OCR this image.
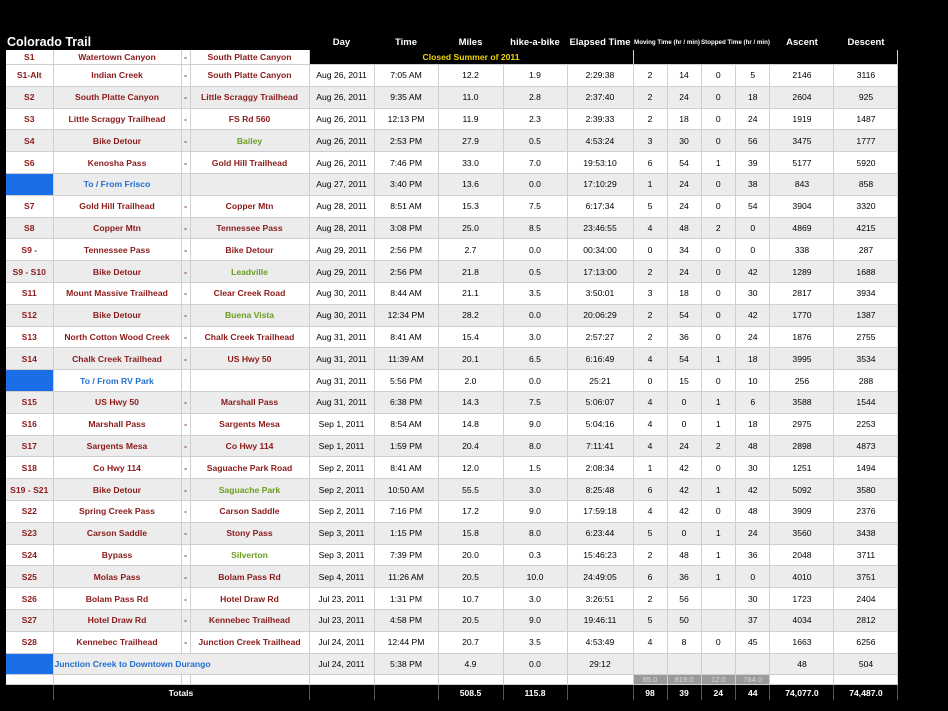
Colorado Trail				Day	Time	Miles	hike-a-bike	Elapsed Time	Moving Time (hr / min)		Stopped Time (hr / min)		Ascent	Descent
S1	Watertown Canyon	-	South Platte Canyon	Closed Summer of 2011										
S1-Alt	Indian Creek	-	South Platte Canyon	Aug 26, 2011	7:05 AM	12.2	1.9	2:29:38	2	14	0	5	2146	3116
S2	South Platte Canyon	-	Little Scraggy Trailhead	Aug 26, 2011	9:35 AM	11.0	2.8	2:37:40	2	24	0	18	2604	925
S3	Little Scraggy Trailhead	-	FS Rd 560	Aug 26, 2011	12:13 PM	11.9	2.3	2:39:33	2	18	0	24	1919	1487
S4	Bike Detour	-	Bailey	Aug 26, 2011	2:53 PM	27.9	0.5	4:53:24	3	30	0	56	3475	1777
S6	Kenosha Pass	-	Gold Hill Trailhead	Aug 26, 2011	7:46 PM	33.0	7.0	19:53:10	6	54	1	39	5177	5920
	To / From Frisco			Aug 27, 2011	3:40 PM	13.6	0.0	17:10:29	1	24	0	38	843	858
S7	Gold Hill Trailhead	-	Copper Mtn	Aug 28, 2011	8:51 AM	15.3	7.5	6:17:34	5	24	0	54	3904	3320
S8	Copper Mtn	-	Tennessee Pass	Aug 28, 2011	3:08 PM	25.0	8.5	23:46:55	4	48	2	0	4869	4215
S9 -	Tennessee Pass	-	Bike Detour	Aug 29, 2011	2:56 PM	2.7	0.0	00:34:00	0	34	0	0	338	287
S9 - S10	Bike Detour	-	Leadville	Aug 29, 2011	2:56 PM	21.8	0.5	17:13:00	2	24	0	42	1289	1688
S11	Mount Massive Trailhead	-	Clear Creek Road	Aug 30, 2011	8:44 AM	21.1	3.5	3:50:01	3	18	0	30	2817	3934
S12	Bike Detour	-	Buena Vista	Aug 30, 2011	12:34 PM	28.2	0.0	20:06:29	2	54	0	42	1770	1387
S13	North Cotton Wood Creek	-	Chalk Creek Trailhead	Aug 31, 2011	8:41 AM	15.4	3.0	2:57:27	2	36	0	24	1876	2755
S14	Chalk Creek Trailhead	-	US Hwy 50	Aug 31, 2011	11:39 AM	20.1	6.5	6:16:49	4	54	1	18	3995	3534
	To / From RV Park			Aug 31, 2011	5:56 PM	2.0	0.0	25:21	0	15	0	10	256	288
S15	US Hwy 50	-	Marshall Pass	Aug 31, 2011	6:38 PM	14.3	7.5	5:06:07	4	0	1	6	3588	1544
S16	Marshall Pass	-	Sargents Mesa	Sep 1, 2011	8:54 AM	14.8	9.0	5:04:16	4	0	1	18	2975	2253
S17	Sargents Mesa	-	Co Hwy 114	Sep 1, 2011	1:59 PM	20.4	8.0	7:11:41	4	24	2	48	2898	4873
S18	Co Hwy 114	-	Saguache Park Road	Sep 2, 2011	8:41 AM	12.0	1.5	2:08:34	1	42	0	30	1251	1494
S19 - S21	Bike Detour	-	Saguache Park	Sep 2, 2011	10:50 AM	55.5	3.0	8:25:48	6	42	1	42	5092	3580
S22	Spring Creek Pass	-	Carson Saddle	Sep 2, 2011	7:16 PM	17.2	9.0	17:59:18	4	42	0	48	3909	2376
S23	Carson Saddle	-	Stony Pass	Sep 3, 2011	1:15 PM	15.8	8.0	6:23:44	5	0	1	24	3560	3438
S24	Bypass	-	Silverton	Sep 3, 2011	7:39 PM	20.0	0.3	15:46:23	2	48	1	36	2048	3711
S25	Molas Pass	-	Bolam Pass Rd	Sep 4, 2011	11:26 AM	20.5	10.0	24:49:05	6	36	1	0	4010	3751
S26	Bolam Pass Rd	-	Hotel Draw Rd	Jul 23, 2011	1:31 PM	10.7	3.0	3:26:51	2	56		30	1723	2404
S27	Hotel Draw Rd	-	Kennebec Trailhead	Jul 23, 2011	4:58 PM	20.5	9.0	19:46:11	5	50		37	4034	2812
S28	Kennebec Trailhead	-	Junction Creek Trailhead	Jul 24, 2011	12:44 PM	20.7	3.5	4:53:49	4	8	0	45	1663	6256
	Junction Creek to Downtown Durango			Jul 24, 2011	5:38 PM	4.9	0.0	29:12					48	504
									85.0	819.0	12.0	764.0		
	Totals					508.5	115.8		98	39	24	44	74,077.0	74,487.0
